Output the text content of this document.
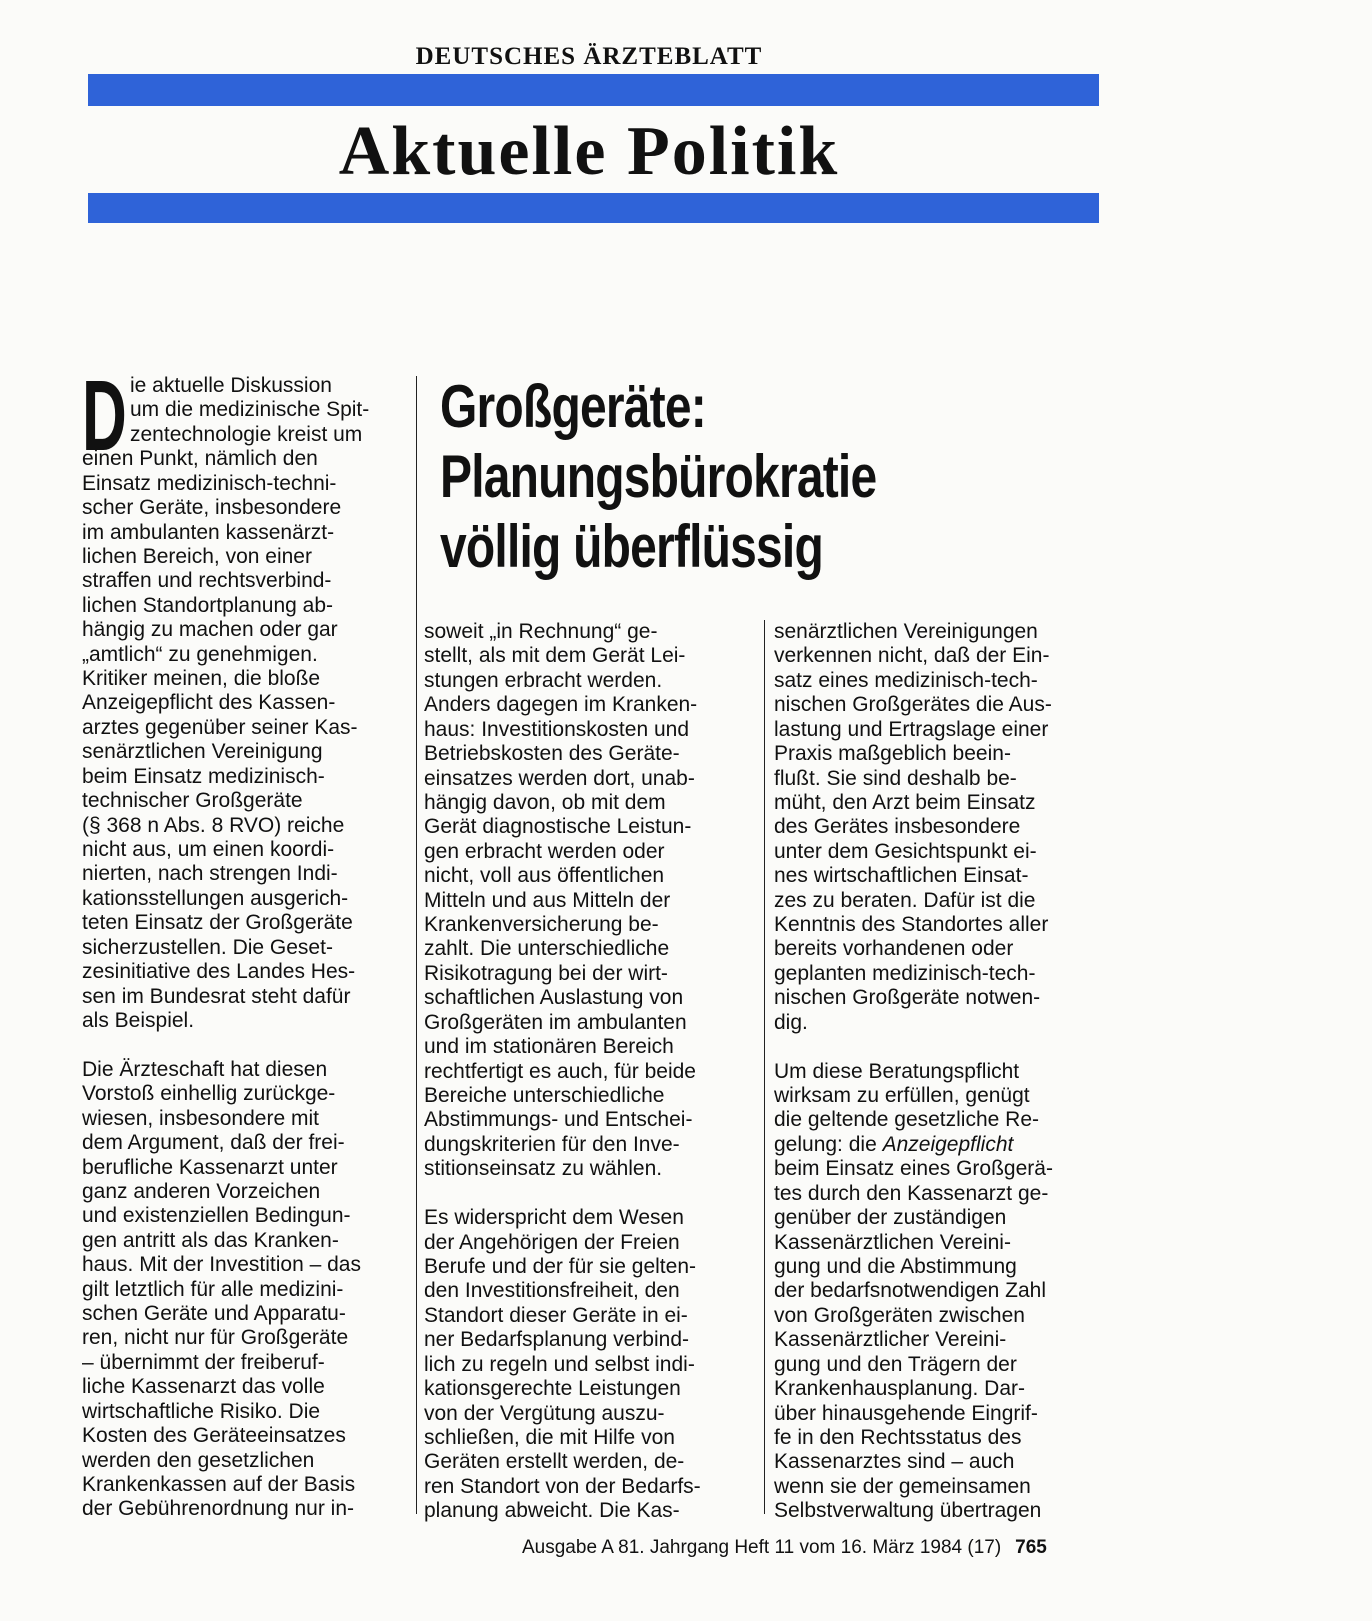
DEUTSCHES ÄRZTEBLATT
Aktuelle Politik
Großgeräte:
Planungsbürokratie
völlig überflüssig
D ie aktuelle Diskussion
um die medizinische Spit-
zentechnologie kreist um
einen Punkt, nämlich den
Einsatz medizinisch-techni-
scher Geräte, insbesondere
im ambulanten kassenärzt-
lichen Bereich, von einer
straffen und rechtsverbind-
lichen Standortplanung ab-
hängig zu machen oder gar
„amtlich“ zu genehmigen.
Kritiker meinen, die bloße
Anzeigepflicht des Kassen-
arztes gegenüber seiner Kas-
senärztlichen Vereinigung
beim Einsatz medizinisch-
technischer Großgeräte
(§ 368 n Abs. 8 RVO) reiche
nicht aus, um einen koordi-
nierten, nach strengen Indi-
kationsstellungen ausgerich-
teten Einsatz der Großgeräte
sicherzustellen. Die Geset-
zesinitiative des Landes Hes-
sen im Bundesrat steht dafür
als Beispiel.
Die Ärzteschaft hat diesen
Vorstoß einhellig zurückge-
wiesen, insbesondere mit
dem Argument, daß der frei-
berufliche Kassenarzt unter
ganz anderen Vorzeichen
und existenziellen Bedingun-
gen antritt als das Kranken-
haus. Mit der Investition – das
gilt letztlich für alle medizini-
schen Geräte und Apparatu-
ren, nicht nur für Großgeräte
– übernimmt der freiberuf-
liche Kassenarzt das volle
wirtschaftliche Risiko. Die
Kosten des Geräteeinsatzes
werden den gesetzlichen
Krankenkassen auf der Basis
der Gebührenordnung nur in-
soweit „in Rechnung“ ge-
stellt, als mit dem Gerät Lei-
stungen erbracht werden.
Anders dagegen im Kranken-
haus: Investitionskosten und
Betriebskosten des Geräte-
einsatzes werden dort, unab-
hängig davon, ob mit dem
Gerät diagnostische Leistun-
gen erbracht werden oder
nicht, voll aus öffentlichen
Mitteln und aus Mitteln der
Krankenversicherung be-
zahlt. Die unterschiedliche
Risikotragung bei der wirt-
schaftlichen Auslastung von
Großgeräten im ambulanten
und im stationären Bereich
rechtfertigt es auch, für beide
Bereiche unterschiedliche
Abstimmungs- und Entschei-
dungskriterien für den Inve-
stitionseinsatz zu wählen.
Es widerspricht dem Wesen
der Angehörigen der Freien
Berufe und der für sie gelten-
den Investitionsfreiheit, den
Standort dieser Geräte in ei-
ner Bedarfsplanung verbind-
lich zu regeln und selbst indi-
kationsgerechte Leistungen
von der Vergütung auszu-
schließen, die mit Hilfe von
Geräten erstellt werden, de-
ren Standort von der Bedarfs-
planung abweicht. Die Kas-
senärztlichen Vereinigungen
verkennen nicht, daß der Ein-
satz eines medizinisch-tech-
nischen Großgerätes die Aus-
lastung und Ertragslage einer
Praxis maßgeblich beein-
flußt. Sie sind deshalb be-
müht, den Arzt beim Einsatz
des Gerätes insbesondere
unter dem Gesichtspunkt ei-
nes wirtschaftlichen Einsat-
zes zu beraten. Dafür ist die
Kenntnis des Standortes aller
bereits vorhandenen oder
geplanten medizinisch-tech-
nischen Großgeräte notwen-
dig.
Um diese Beratungspflicht
wirksam zu erfüllen, genügt
die geltende gesetzliche Re-
gelung: die Anzeigepflicht
beim Einsatz eines Großgerä-
tes durch den Kassenarzt ge-
genüber der zuständigen
Kassenärztlichen Vereini-
gung und die Abstimmung
der bedarfsnotwendigen Zahl
von Großgeräten zwischen
Kassenärztlicher Vereini-
gung und den Trägern der
Krankenhausplanung. Dar-
über hinausgehende Eingrif-
fe in den Rechtsstatus des
Kassenarztes sind – auch
wenn sie der gemeinsamen
Selbstverwaltung übertragen
Ausgabe A 81. Jahrgang Heft 11 vom 16. März 1984 (17) 765
